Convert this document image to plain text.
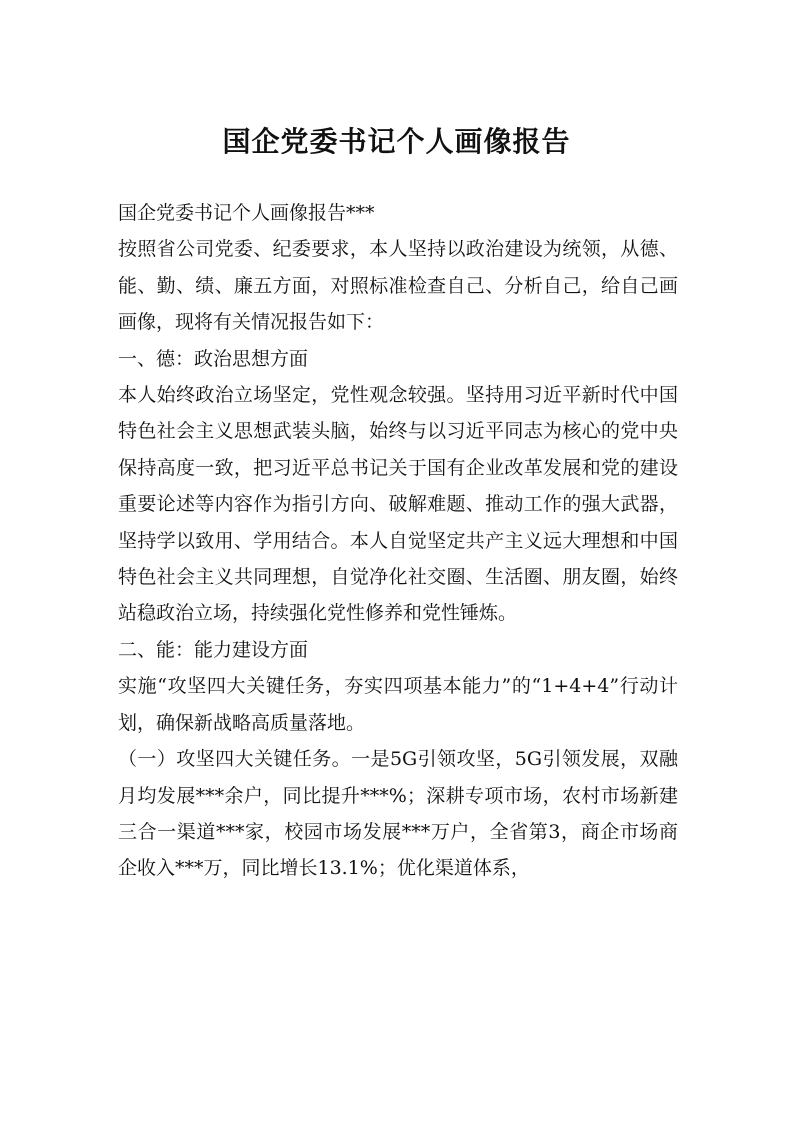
国企党委书记个人画像报告

国企党委书记个人画像报告***

按照省公司党委、纪委要求，本人坚持以政治建设为统领，从德、能、勤、绩、廉五方面，对照标准检查自己、分析自己，给自己画画像，现将有关情况报告如下：

一、德：政治思想方面

本人始终政治立场坚定，党性观念较强。坚持用习近平新时代中国特色社会主义思想武装头脑，始终与以习近平同志为核心的党中央保持高度一致，把习近平总书记关于国有企业改革发展和党的建设重要论述等内容作为指引方向、破解难题、推动工作的强大武器，坚持学以致用、学用结合。本人自觉坚定共产主义远大理想和中国特色社会主义共同理想，自觉净化社交圈、生活圈、朋友圈，始终站稳政治立场，持续强化党性修养和党性锤炼。

二、能：能力建设方面

实施“攻坚四大关键任务，夯实四项基本能力”的“1+4+4”行动计划，确保新战略高质量落地。

（一）攻坚四大关键任务。一是5G引领攻坚，5G引领发展，双融月均发展***余户，同比提升***%；深耕专项市场，农村市场新建三合一渠道***家，校园市场发展***万户，全省第3，商企市场商企收入***万，同比增长13.1%；优化渠道体系，
